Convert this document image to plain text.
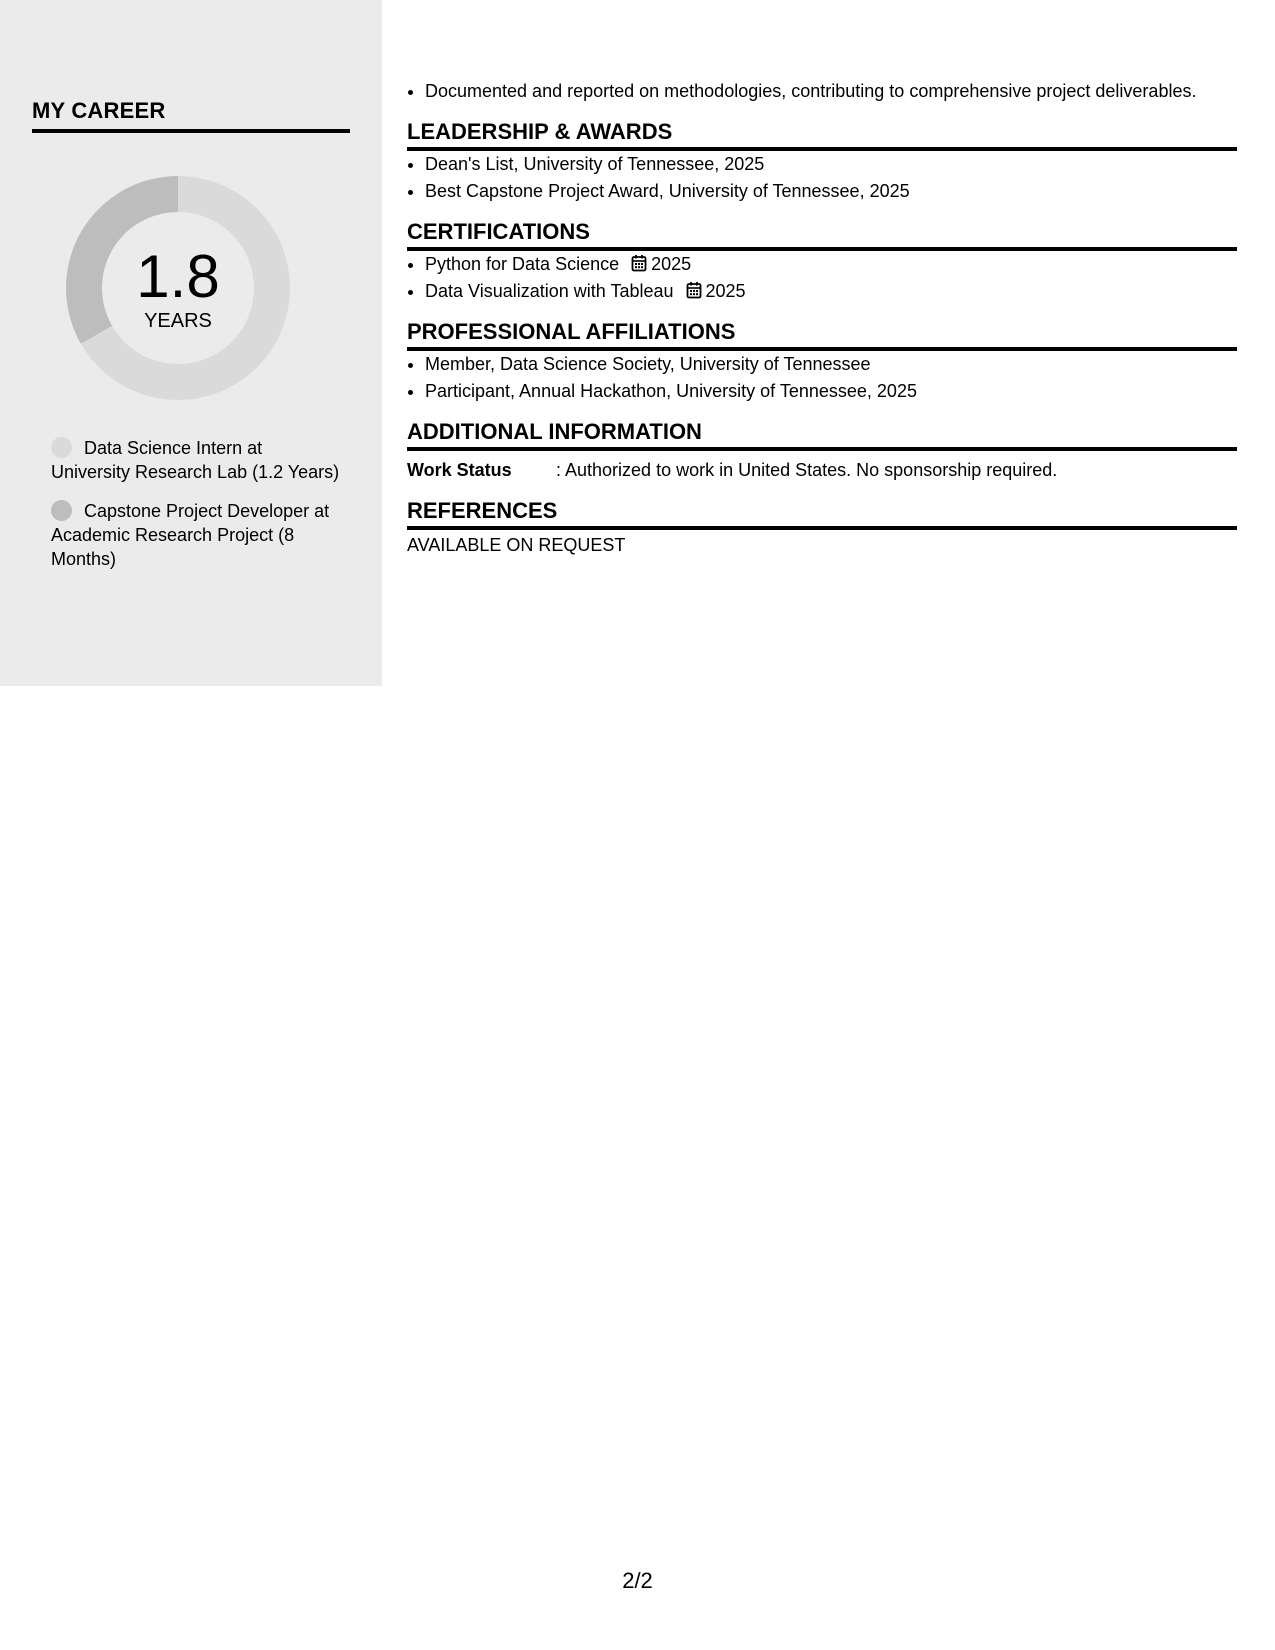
MY CAREER
1.8
YEARS
Data Science Intern at University Research Lab (1.2 Years)
Capstone Project Developer at Academic Research Project (8 Months)
• Documented and reported on methodologies, contributing to comprehensive project deliverables.
LEADERSHIP & AWARDS
• Dean's List, University of Tennessee, 2025
• Best Capstone Project Award, University of Tennessee, 2025
CERTIFICATIONS
• Python for Data Science 2025
• Data Visualization with Tableau 2025
PROFESSIONAL AFFILIATIONS
• Member, Data Science Society, University of Tennessee
• Participant, Annual Hackathon, University of Tennessee, 2025
ADDITIONAL INFORMATION
Work Status	: Authorized to work in United States. No sponsorship required.
REFERENCES
AVAILABLE ON REQUEST
2/2
